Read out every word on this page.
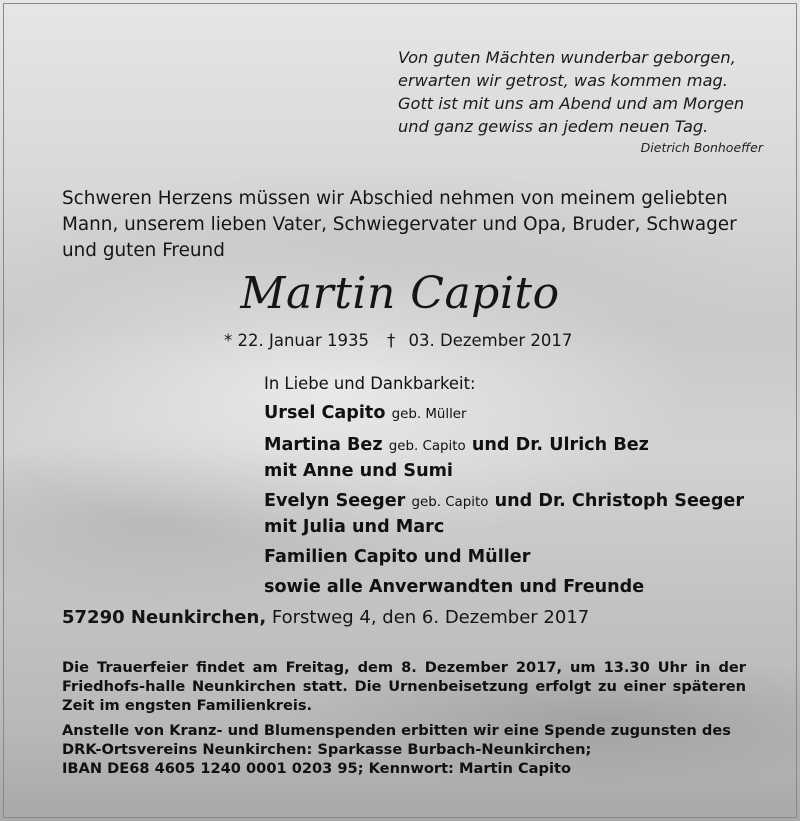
Von guten Mächten wunderbar geborgen,
erwarten wir getrost, was kommen mag.
Gott ist mit uns am Abend und am Morgen
und ganz gewiss an jedem neuen Tag.
Dietrich Bonhoeffer
Schweren Herzens müssen wir Abschied nehmen von meinem geliebten
Mann, unserem lieben Vater, Schwiegervater und Opa, Bruder, Schwager
und guten Freund
Martin Capito
* 22. Januar 1935 † 03. Dezember 2017
In Liebe und Dankbarkeit:
Ursel Capito geb. Müller
Martina Bez geb. Capito und Dr. Ulrich Bez
mit Anne und Sumi
Evelyn Seeger geb. Capito und Dr. Christoph Seeger
mit Julia und Marc
Familien Capito und Müller
sowie alle Anverwandten und Freunde
57290 Neunkirchen, Forstweg 4, den 6. Dezember 2017
Die Trauerfeier findet am Freitag, dem 8. Dezember 2017, um 13.30 Uhr in der Friedhofs-halle Neunkirchen statt. Die Urnenbeisetzung erfolgt zu einer späteren Zeit im engsten Familienkreis.
Anstelle von Kranz- und Blumenspenden erbitten wir eine Spende zugunsten des
DRK-Ortsvereins Neunkirchen: Sparkasse Burbach-Neunkirchen;
IBAN DE68 4605 1240 0001 0203 95; Kennwort: Martin Capito
